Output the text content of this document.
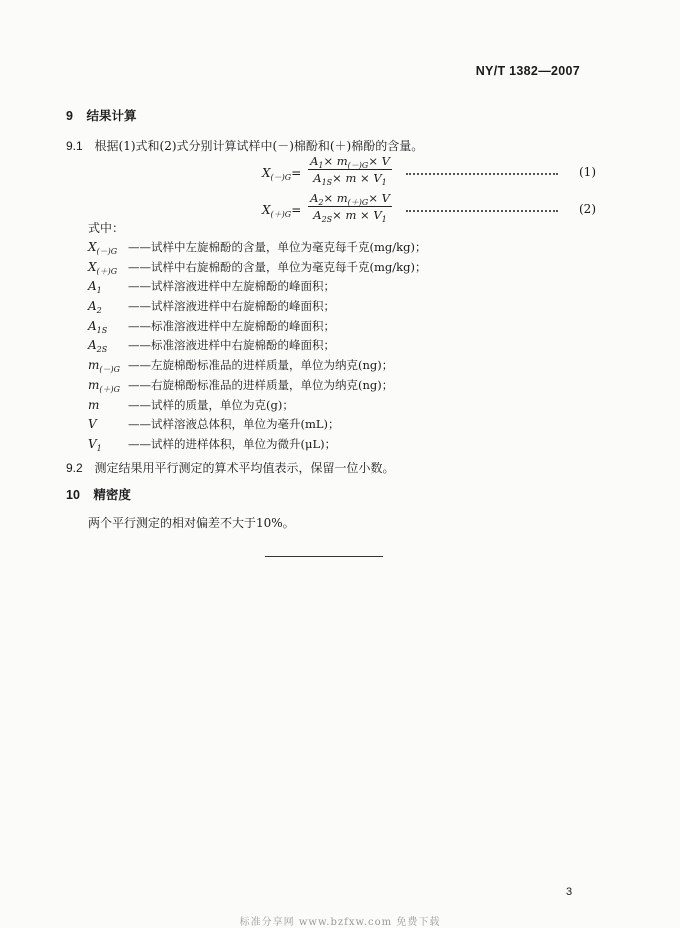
NY/T 1382—2007
9 结果计算
9.1 根据(1)式和(2)式分别计算试样中(－)棉酚和(＋)棉酚的含量。
$X_{(-)G}= \frac{A_1\times m_{(-)G}\times V}{A_{1S}\times m \times V_1}$	(1)
$X_{(+)G}= \frac{A_2\times m_{(+)G}\times V}{A_{2S}\times m \times V_1}$	(2)
式中：
$X_{(-)G}$ ——试样中左旋棉酚的含量，单位为毫克每千克(mg/kg)；
$X_{(+)G}$ ——试样中右旋棉酚的含量，单位为毫克每千克(mg/kg)；
$A_1$ ——试样溶液进样中左旋棉酚的峰面积；
$A_2$ ——试样溶液进样中右旋棉酚的峰面积；
$A_{1S}$ ——标准溶液进样中左旋棉酚的峰面积；
$A_{2S}$ ——标准溶液进样中右旋棉酚的峰面积；
$m_{(-)G}$ ——左旋棉酚标准品的进样质量，单位为纳克(ng)；
$m_{(+)G}$ ——右旋棉酚标准品的进样质量，单位为纳克(ng)；
m ——试样的质量，单位为克(g)；
V	——试样溶液总体积，单位为毫升(mL)；
$V_1$ ——试样的进样体积，单位为微升(μL)；
9.2 测定结果用平行测定的算术平均值表示，保留一位小数。
10 精密度
两个平行测定的相对偏差不大于10%。
3
标准分享网 www.bzfxw.com 免费下载
